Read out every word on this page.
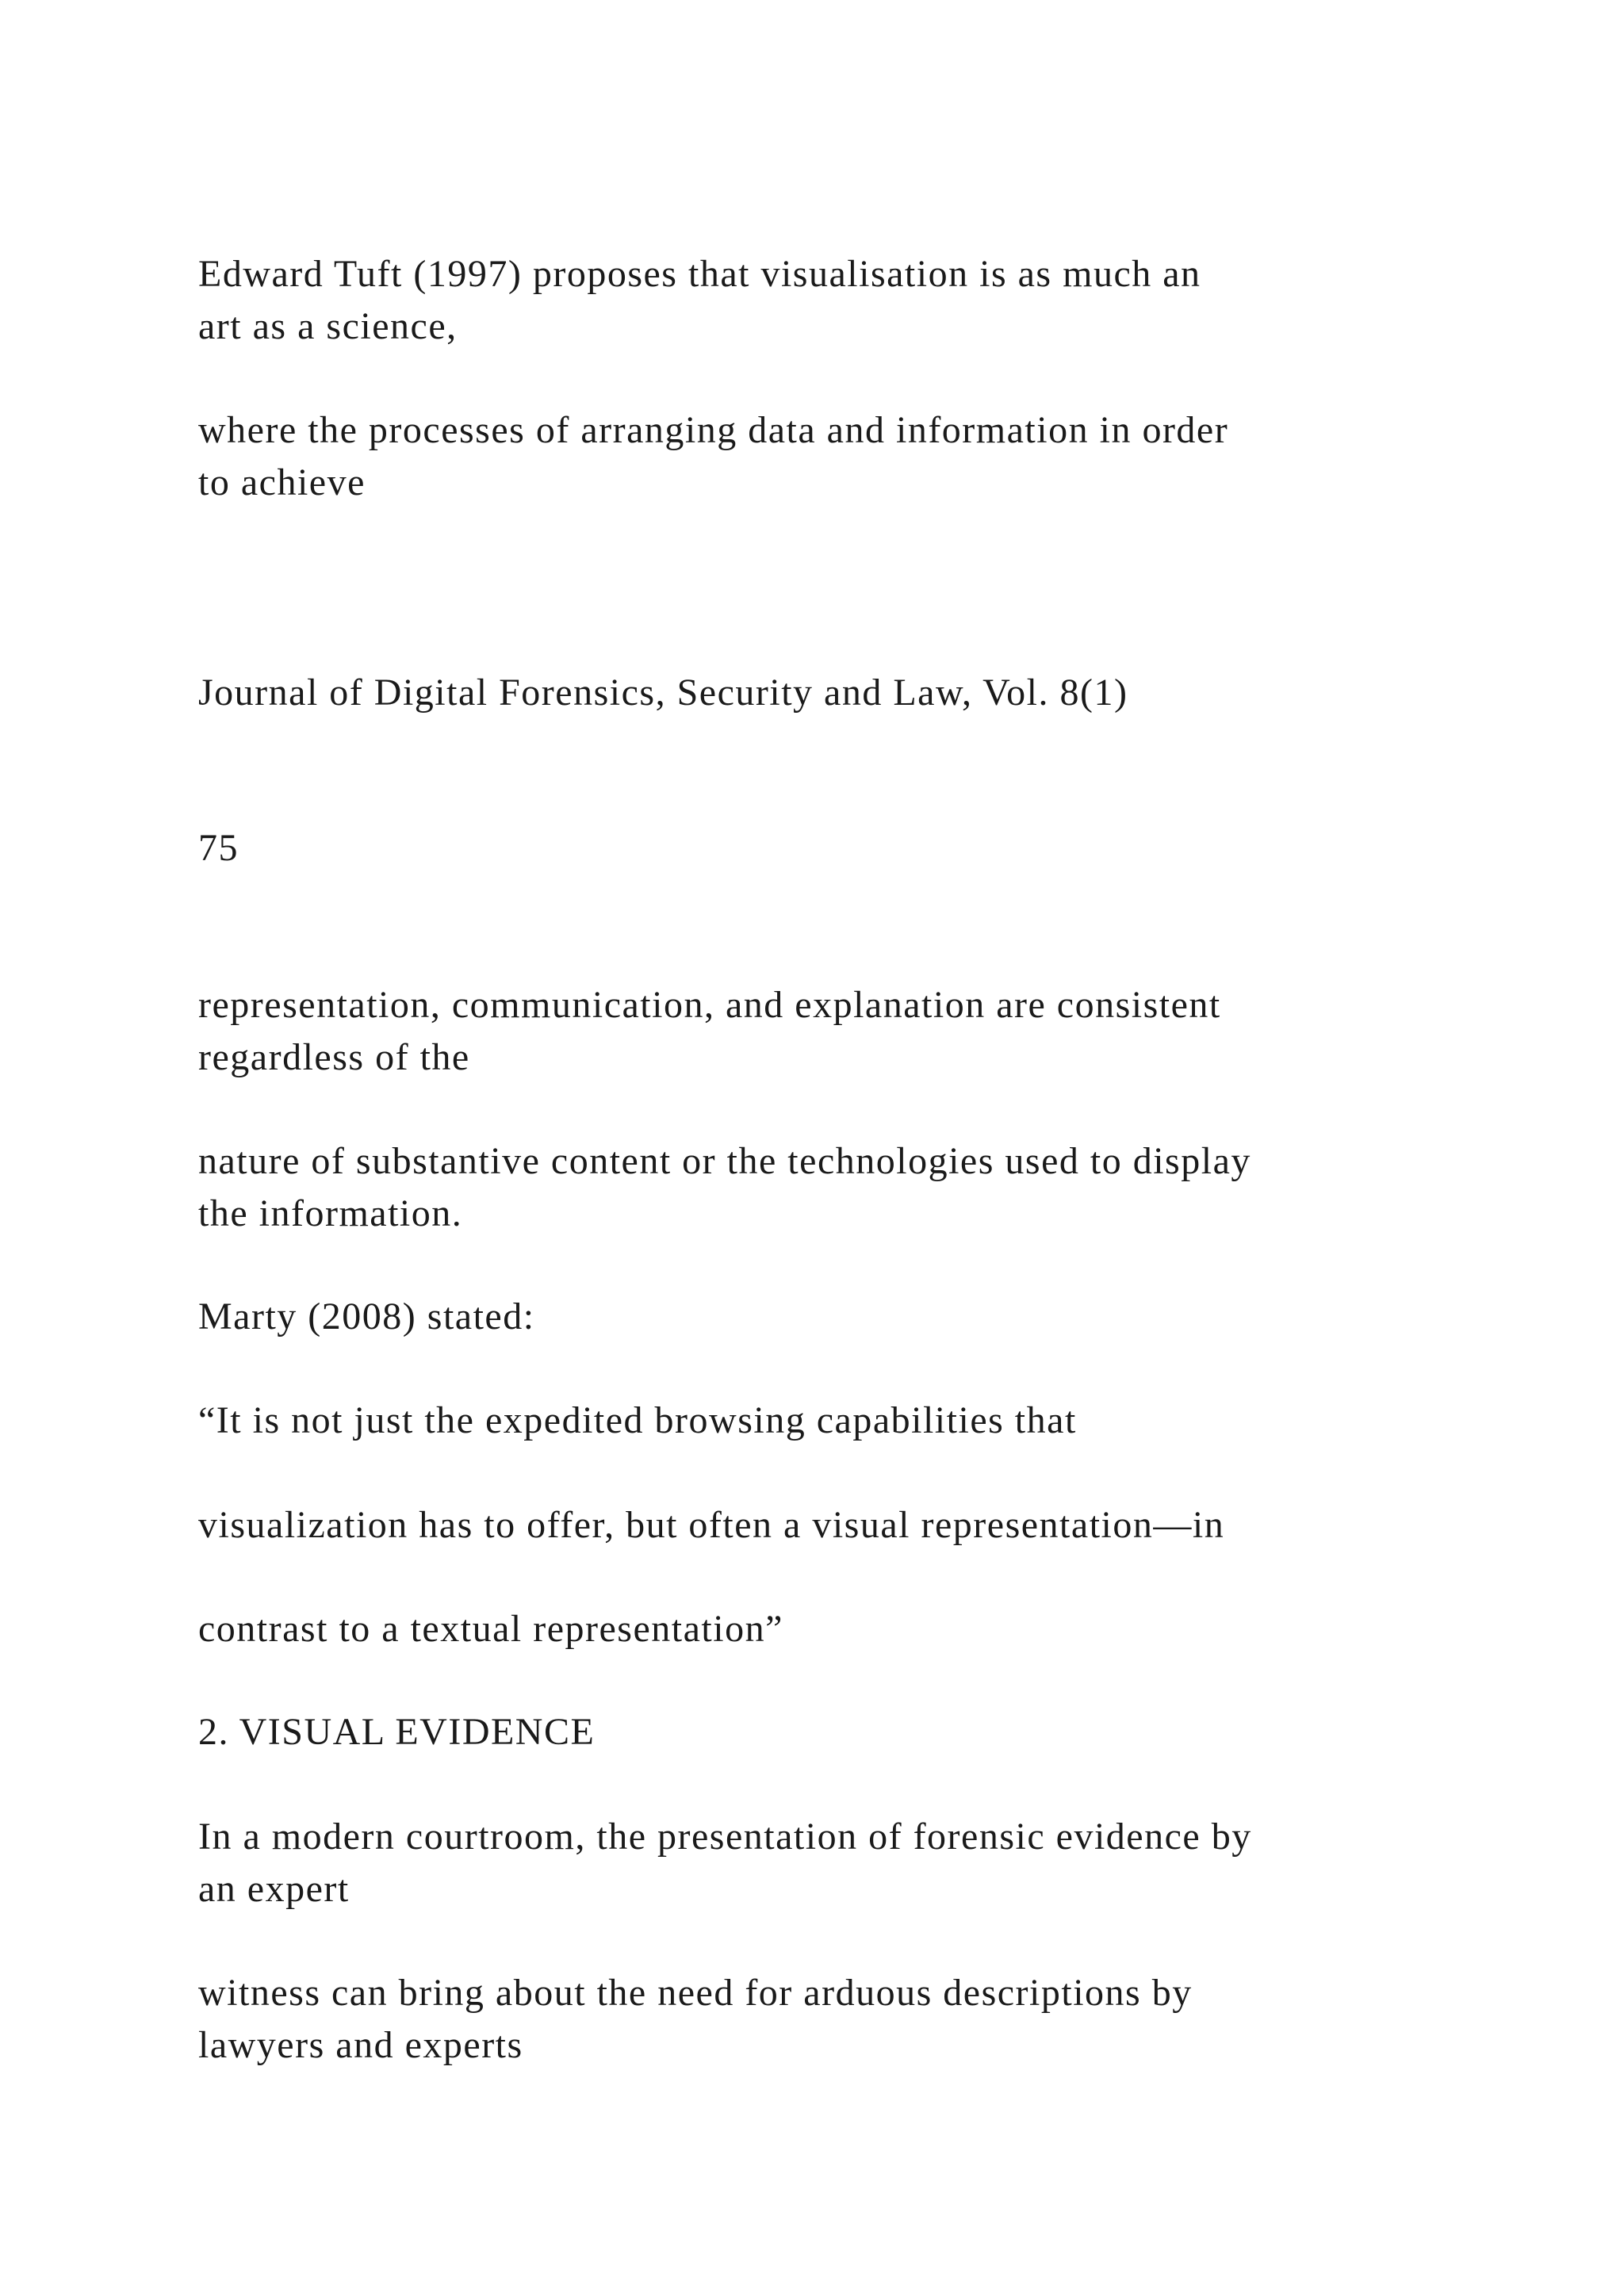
Edward Tuft (1997) proposes that visualisation is as much an

art as a science,

where the processes of arranging data and information in order

to achieve

Journal of Digital Forensics, Security and Law, Vol. 8(1)

75

representation, communication, and explanation are consistent

regardless of the

nature of substantive content or the technologies used to display

the information.

Marty (2008) stated:

“It is not just the expedited browsing capabilities that

visualization has to offer, but often a visual representation—in

contrast to a textual representation”

2. VISUAL EVIDENCE

In a modern courtroom, the presentation of forensic evidence by

an expert

witness can bring about the need for arduous descriptions by

lawyers and experts
